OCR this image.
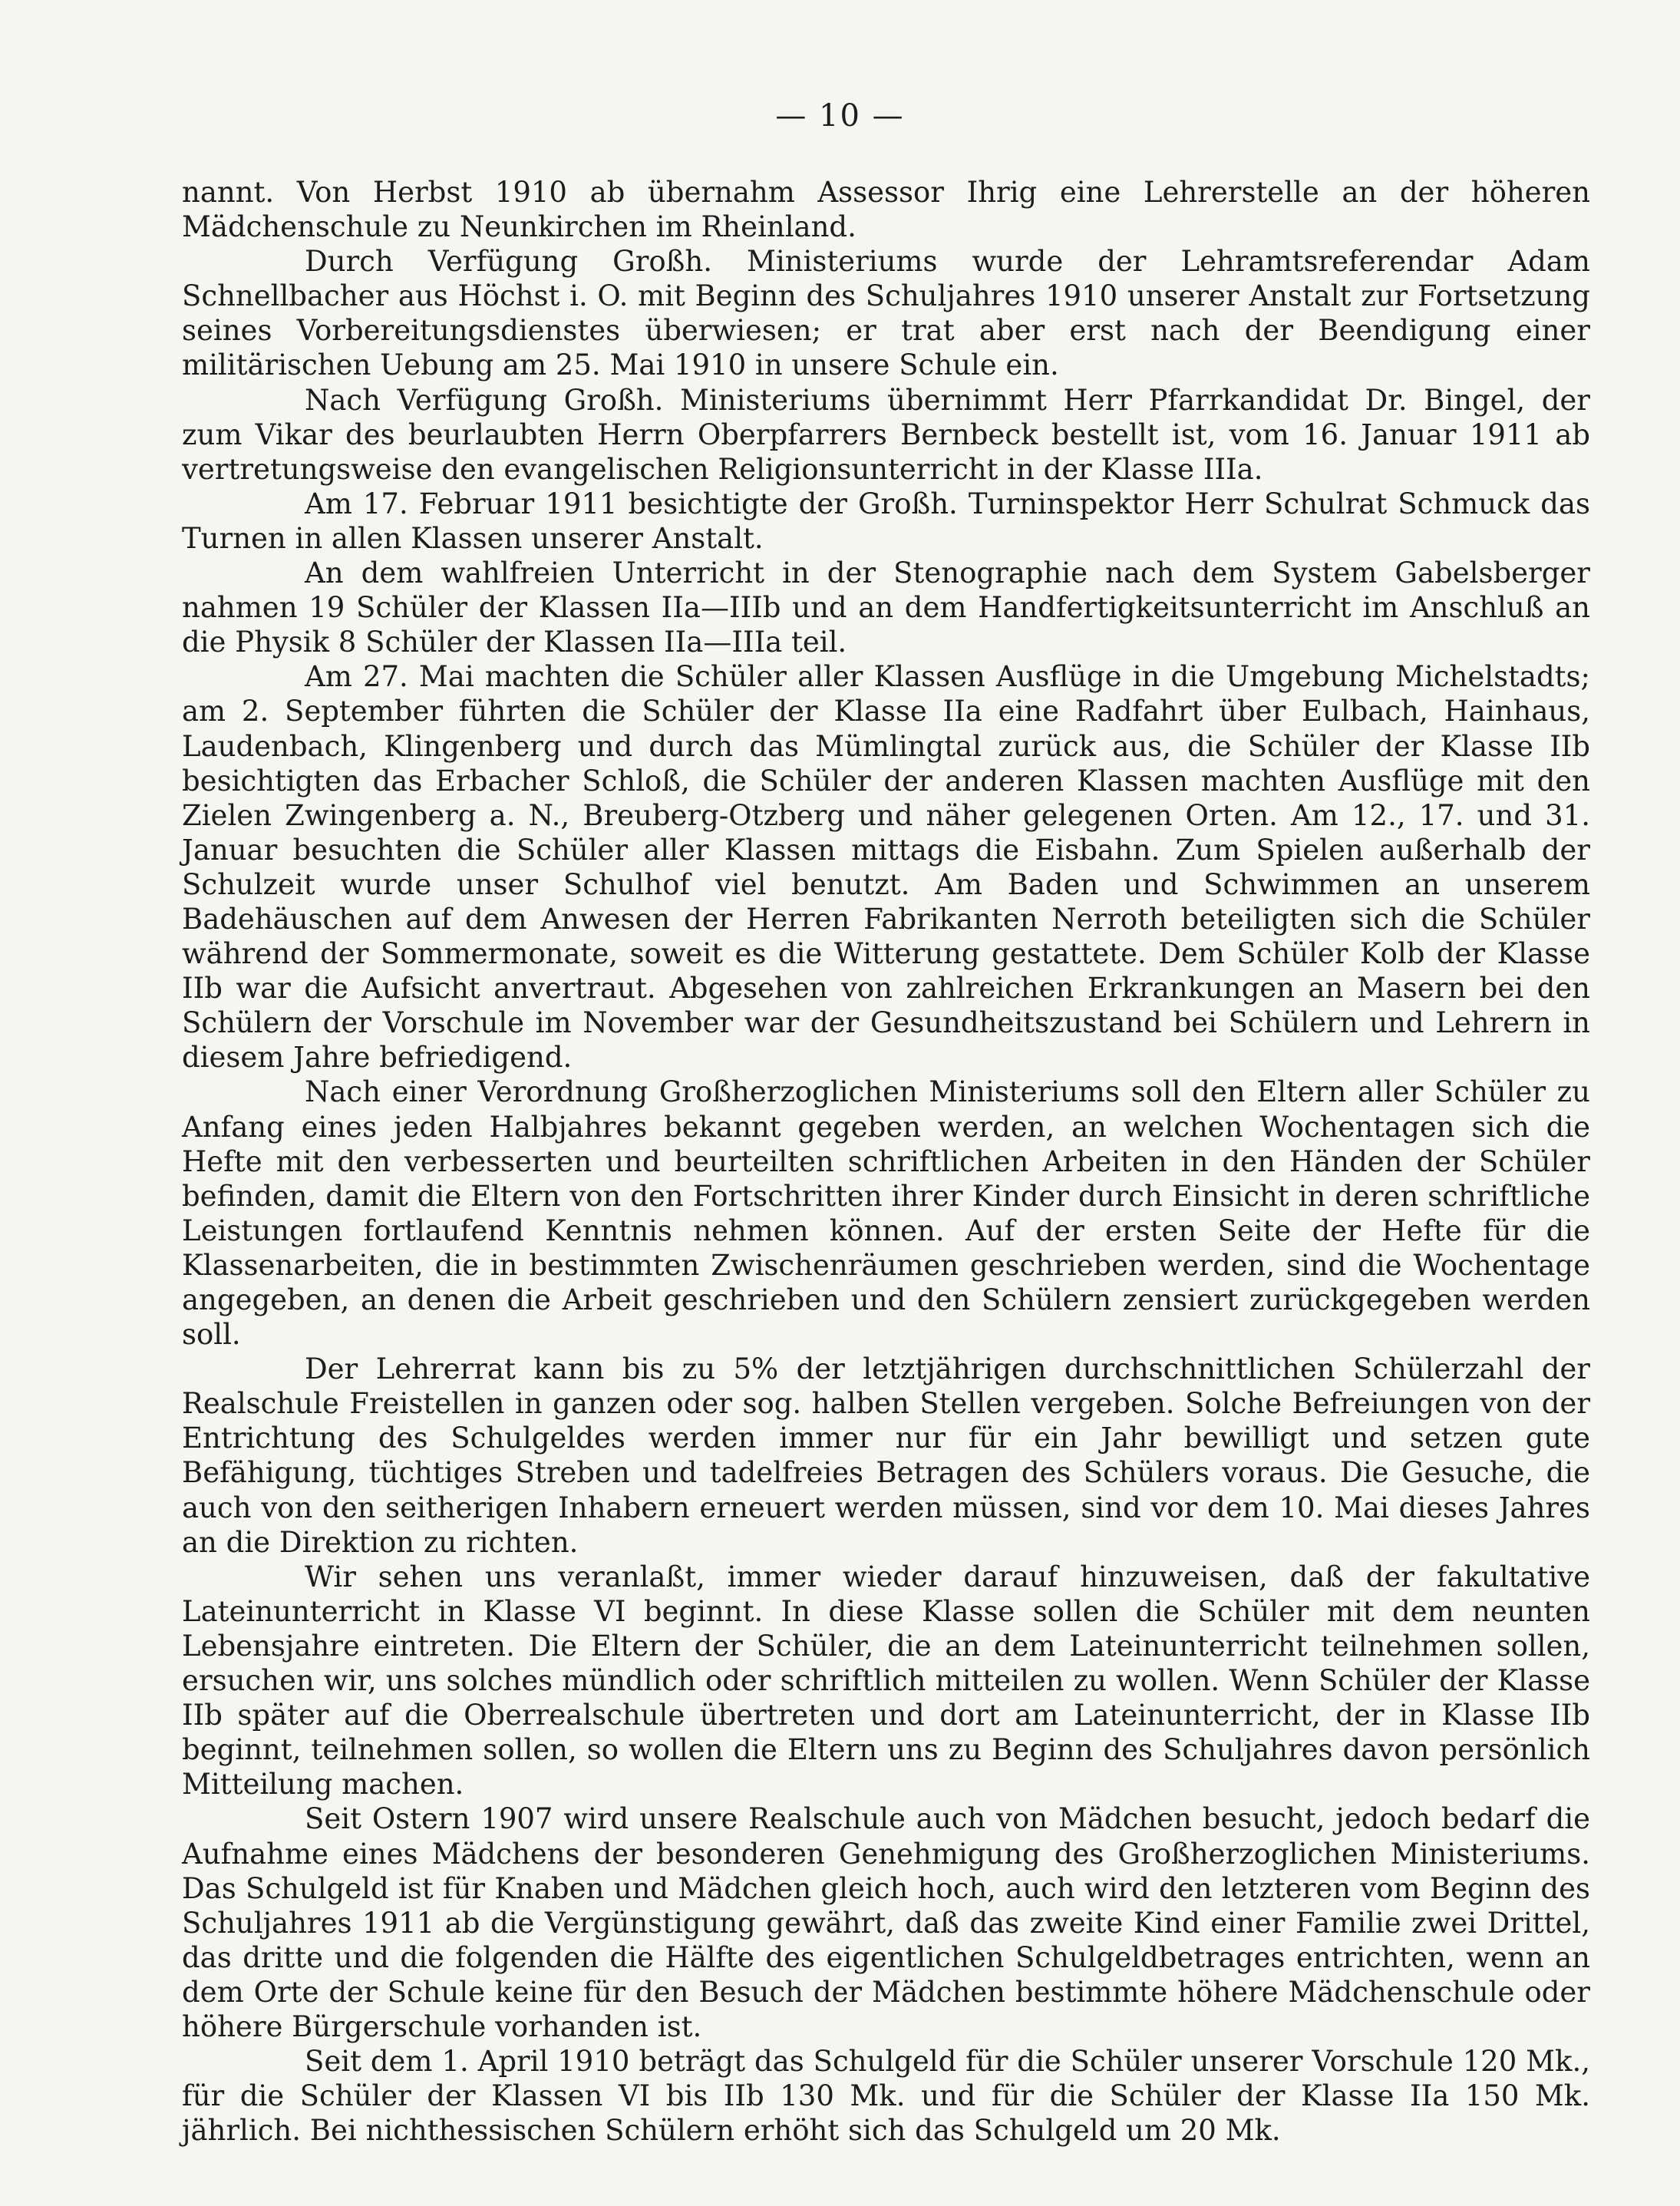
— 10 —

nannt. Von Herbst 1910 ab übernahm Assessor Ihrig eine Lehrerstelle an der höheren Mädchenschule zu Neunkirchen im Rheinland.

Durch Verfügung Großh. Ministeriums wurde der Lehramtsreferendar Adam Schnellbacher aus Höchst i. O. mit Beginn des Schuljahres 1910 unserer Anstalt zur Fortsetzung seines Vorbereitungsdienstes überwiesen; er trat aber erst nach der Beendigung einer militärischen Uebung am 25. Mai 1910 in unsere Schule ein.

Nach Verfügung Großh. Ministeriums übernimmt Herr Pfarrkandidat Dr. Bingel, der zum Vikar des beurlaubten Herrn Oberpfarrers Bernbeck bestellt ist, vom 16. Januar 1911 ab vertretungsweise den evangelischen Religionsunterricht in der Klasse IIIa.

Am 17. Februar 1911 besichtigte der Großh. Turninspektor Herr Schulrat Schmuck das Turnen in allen Klassen unserer Anstalt.

An dem wahlfreien Unterricht in der Stenographie nach dem System Gabelsberger nahmen 19 Schüler der Klassen IIa—IIIb und an dem Handfertigkeitsunterricht im Anschluß an die Physik 8 Schüler der Klassen IIa—IIIa teil.

Am 27. Mai machten die Schüler aller Klassen Ausflüge in die Umgebung Michelstadts; am 2. September führten die Schüler der Klasse IIa eine Radfahrt über Eulbach, Hainhaus, Laudenbach, Klingenberg und durch das Mümlingtal zurück aus, die Schüler der Klasse IIb besichtigten das Erbacher Schloß, die Schüler der anderen Klassen machten Ausflüge mit den Zielen Zwingenberg a. N., Breuberg-Otzberg und näher gelegenen Orten. Am 12., 17. und 31. Januar besuchten die Schüler aller Klassen mittags die Eisbahn. Zum Spielen außerhalb der Schulzeit wurde unser Schulhof viel benutzt. Am Baden und Schwimmen an unserem Badehäuschen auf dem Anwesen der Herren Fabrikanten Nerroth beteiligten sich die Schüler während der Sommermonate, soweit es die Witterung gestattete. Dem Schüler Kolb der Klasse IIb war die Aufsicht anvertraut. Abgesehen von zahlreichen Erkrankungen an Masern bei den Schülern der Vorschule im November war der Gesundheitszustand bei Schülern und Lehrern in diesem Jahre befriedigend.

Nach einer Verordnung Großherzoglichen Ministeriums soll den Eltern aller Schüler zu Anfang eines jeden Halbjahres bekannt gegeben werden, an welchen Wochentagen sich die Hefte mit den verbesserten und beurteilten schriftlichen Arbeiten in den Händen der Schüler befinden, damit die Eltern von den Fortschritten ihrer Kinder durch Einsicht in deren schriftliche Leistungen fortlaufend Kenntnis nehmen können. Auf der ersten Seite der Hefte für die Klassenarbeiten, die in bestimmten Zwischenräumen geschrieben werden, sind die Wochentage angegeben, an denen die Arbeit geschrieben und den Schülern zensiert zurückgegeben werden soll.

Der Lehrerrat kann bis zu 5% der letztjährigen durchschnittlichen Schülerzahl der Realschule Freistellen in ganzen oder sog. halben Stellen vergeben. Solche Befreiungen von der Entrichtung des Schulgeldes werden immer nur für ein Jahr bewilligt und setzen gute Befähigung, tüchtiges Streben und tadelfreies Betragen des Schülers voraus. Die Gesuche, die auch von den seitherigen Inhabern erneuert werden müssen, sind vor dem 10. Mai dieses Jahres an die Direktion zu richten.

Wir sehen uns veranlaßt, immer wieder darauf hinzuweisen, daß der fakultative Lateinunterricht in Klasse VI beginnt. In diese Klasse sollen die Schüler mit dem neunten Lebensjahre eintreten. Die Eltern der Schüler, die an dem Lateinunterricht teilnehmen sollen, ersuchen wir, uns solches mündlich oder schriftlich mitteilen zu wollen. Wenn Schüler der Klasse IIb später auf die Oberrealschule übertreten und dort am Lateinunterricht, der in Klasse IIb beginnt, teilnehmen sollen, so wollen die Eltern uns zu Beginn des Schuljahres davon persönlich Mitteilung machen.

Seit Ostern 1907 wird unsere Realschule auch von Mädchen besucht, jedoch bedarf die Aufnahme eines Mädchens der besonderen Genehmigung des Großherzoglichen Ministeriums. Das Schulgeld ist für Knaben und Mädchen gleich hoch, auch wird den letzteren vom Beginn des Schuljahres 1911 ab die Vergünstigung gewährt, daß das zweite Kind einer Familie zwei Drittel, das dritte und die folgenden die Hälfte des eigentlichen Schulgeldbetrages entrichten, wenn an dem Orte der Schule keine für den Besuch der Mädchen bestimmte höhere Mädchenschule oder höhere Bürgerschule vorhanden ist.

Seit dem 1. April 1910 beträgt das Schulgeld für die Schüler unserer Vorschule 120 Mk., für die Schüler der Klassen VI bis IIb 130 Mk. und für die Schüler der Klasse IIa 150 Mk. jährlich. Bei nichthessischen Schülern erhöht sich das Schulgeld um 20 Mk.
